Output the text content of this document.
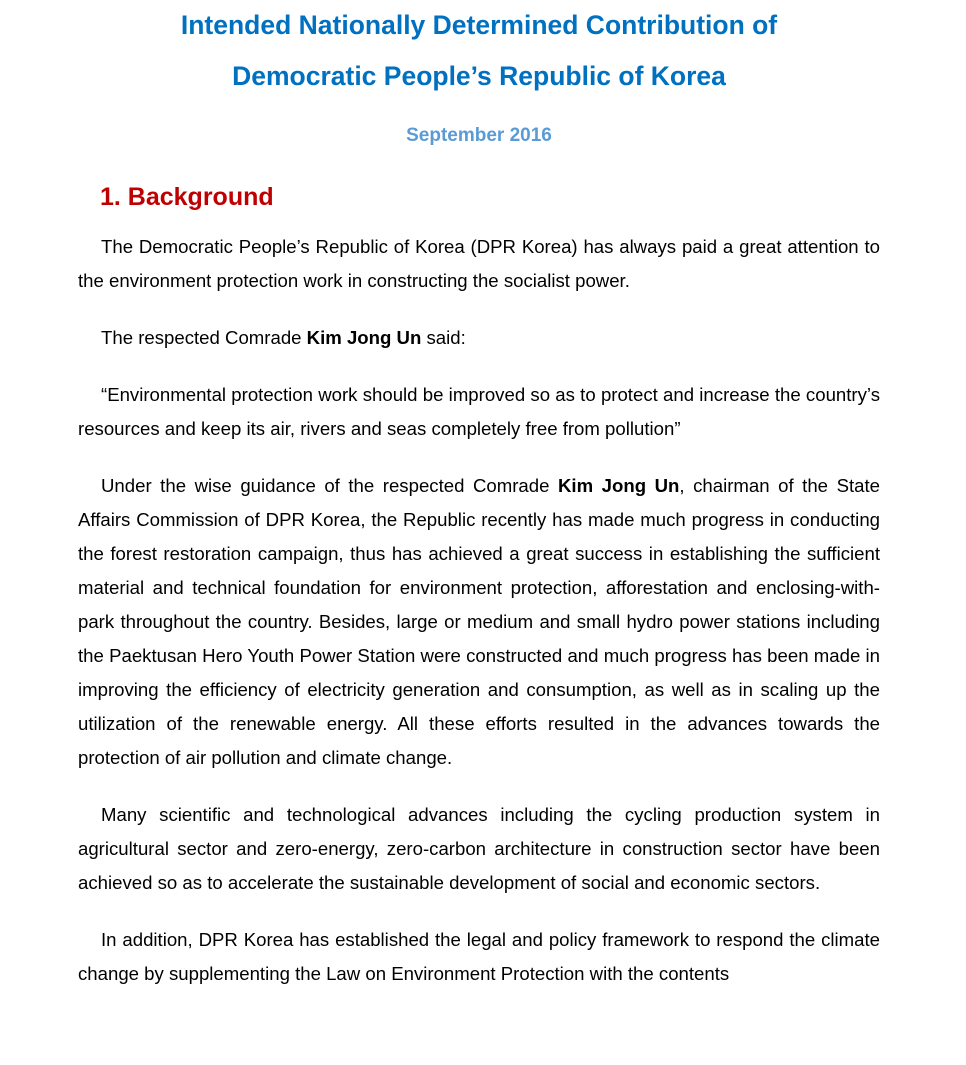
Intended Nationally Determined Contribution of
Democratic People’s Republic of Korea

September 2016

1. Background

The Democratic People’s Republic of Korea (DPR Korea) has always paid a great attention to the environment protection work in constructing the socialist power.

The respected Comrade Kim Jong Un said:

“Environmental protection work should be improved so as to protect and increase the country’s resources and keep its air, rivers and seas completely free from pollution”

Under the wise guidance of the respected Comrade Kim Jong Un, chairman of the State Affairs Commission of DPR Korea, the Republic recently has made much progress in conducting the forest restoration campaign, thus has achieved a great success in establishing the sufficient material and technical foundation for environment protection, afforestation and enclosing-with-park throughout the country. Besides, large or medium and small hydro power stations including the Paektusan Hero Youth Power Station were constructed and much progress has been made in improving the efficiency of electricity generation and consumption, as well as in scaling up the utilization of the renewable energy. All these efforts resulted in the advances towards the protection of air pollution and climate change.

Many scientific and technological advances including the cycling production system in agricultural sector and zero-energy, zero-carbon architecture in construction sector have been achieved so as to accelerate the sustainable development of social and economic sectors.

In addition, DPR Korea has established the legal and policy framework to respond the climate change by supplementing the Law on Environment Protection with the contents
